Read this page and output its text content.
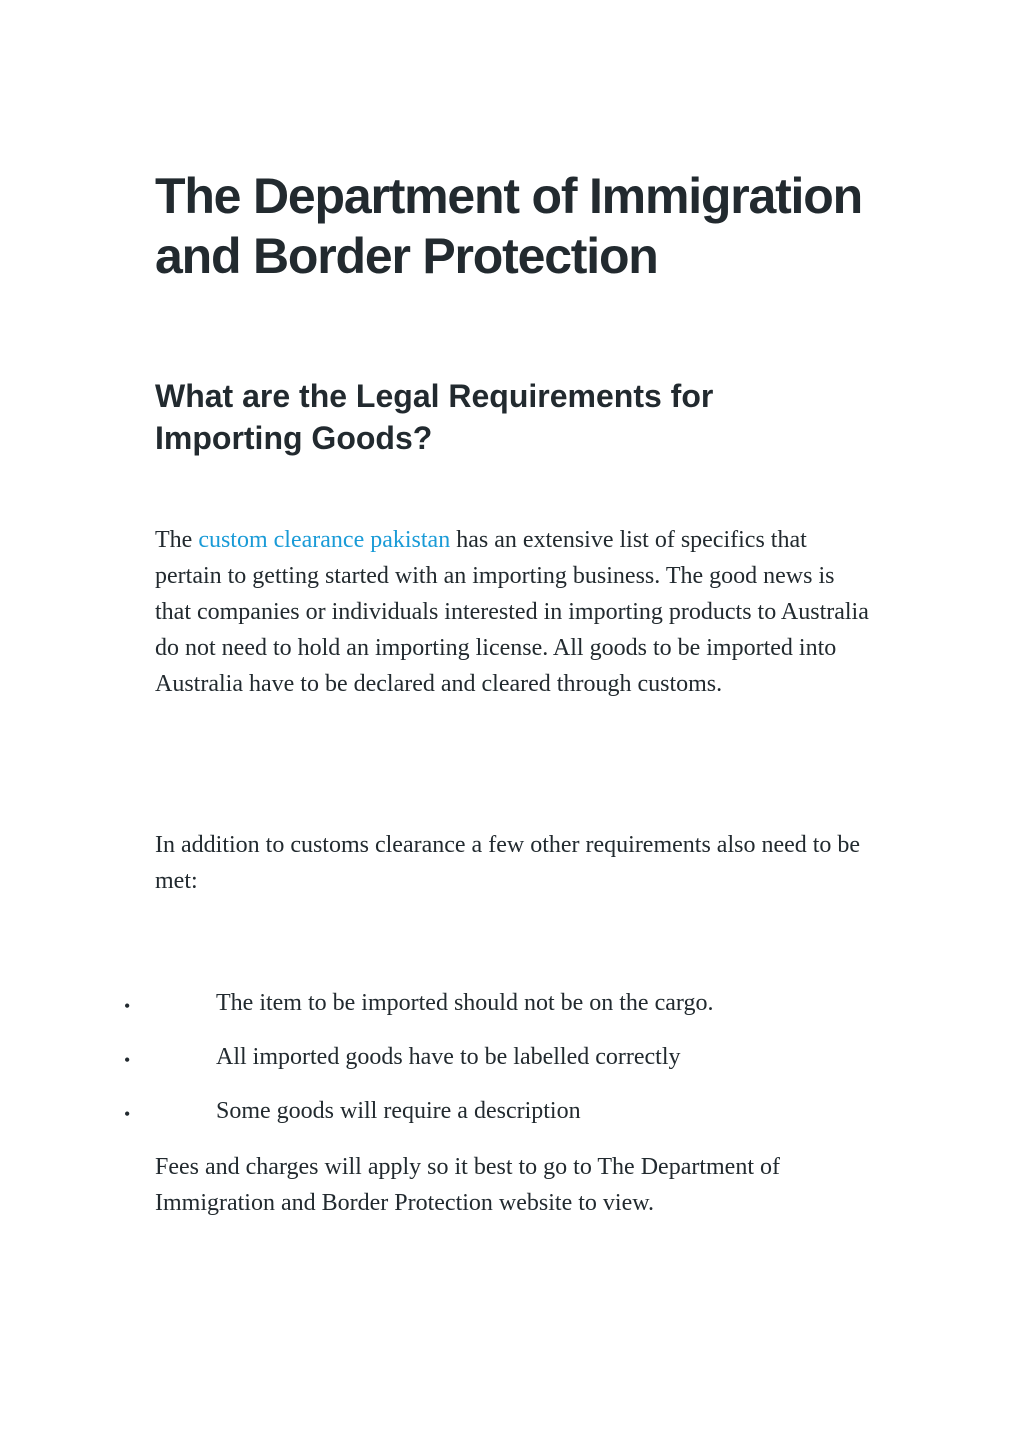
The Department of Immigration and Border Protection
What are the Legal Requirements for Importing Goods?

The custom clearance pakistan has an extensive list of specifics that pertain to getting started with an importing business. The good news is that companies or individuals interested in importing products to Australia do not need to hold an importing license. All goods to be imported into Australia have to be declared and cleared through customs.

In addition to customs clearance a few other requirements also need to be met:

•	The item to be imported should not be on the cargo.
•	All imported goods have to be labelled correctly
•	Some goods will require a description

Fees and charges will apply so it best to go to The Department of Immigration and Border Protection website to view.
